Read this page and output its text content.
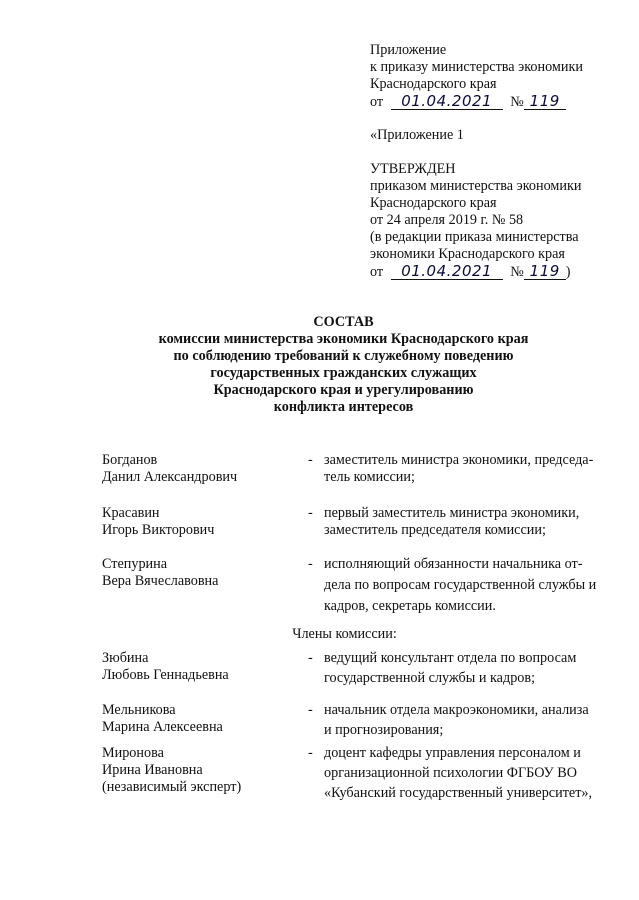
Приложение
к приказу министерства экономики
Краснодарского края
от 01.04.2021 № 119
«Приложение 1
УТВЕРЖДЕН
приказом министерства экономики
Краснодарского края
от 24 апреля 2019 г. № 58
(в редакции приказа министерства
экономики Краснодарского края
от 01.04.2021 № 119 )
СОСТАВ
комиссии министерства экономики Краснодарского края
по соблюдению требований к служебному поведению
государственных гражданских служащих
Краснодарского края и урегулированию
конфликта интересов
Богданов
Данил Александрович
- заместитель министра экономики, председа-
тель комиссии;
Красавин
Игорь Викторович
- первый заместитель министра экономики,
заместитель председателя комиссии;
Степурина
Вера Вячеславовна
- исполняющий обязанности начальника от-
дела по вопросам государственной службы и
кадров, секретарь комиссии.
Члены комиссии:
Зюбина
Любовь Геннадьевна
- ведущий консультант отдела по вопросам
государственной службы и кадров;
Мельникова
Марина Алексеевна
- начальник отдела макроэкономики, анализа
и прогнозирования;
Миронова
Ирина Ивановна
(независимый эксперт)
- доцент кафедры управления персоналом и
организационной психологии ФГБОУ ВО
«Кубанский государственный университет»,
